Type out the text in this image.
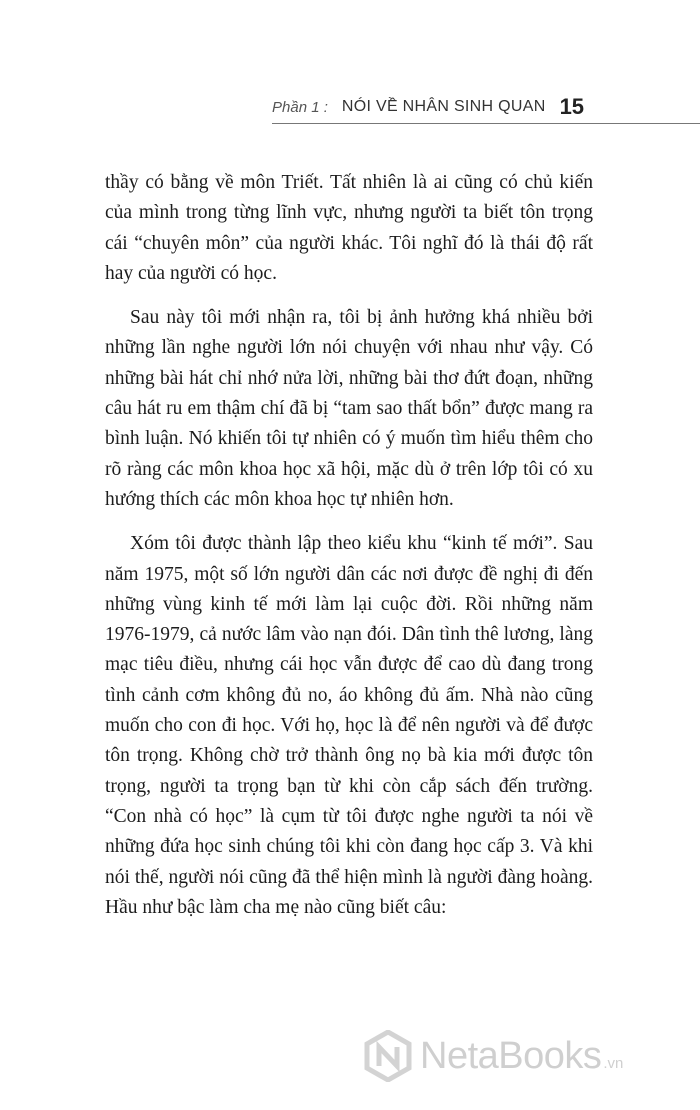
Phần 1 : NÓI VỀ NHÂN SINH QUAN 15

thầy có bằng về môn Triết. Tất nhiên là ai cũng có chủ kiến của mình trong từng lĩnh vực, nhưng người ta biết tôn trọng cái “chuyên môn” của người khác. Tôi nghĩ đó là thái độ rất hay của người có học.

Sau này tôi mới nhận ra, tôi bị ảnh hưởng khá nhiều bởi những lần nghe người lớn nói chuyện với nhau như vậy. Có những bài hát chỉ nhớ nửa lời, những bài thơ đứt đoạn, những câu hát ru em thậm chí đã bị “tam sao thất bổn” được mang ra bình luận. Nó khiến tôi tự nhiên có ý muốn tìm hiểu thêm cho rõ ràng các môn khoa học xã hội, mặc dù ở trên lớp tôi có xu hướng thích các môn khoa học tự nhiên hơn.

Xóm tôi được thành lập theo kiểu khu “kinh tế mới”. Sau năm 1975, một số lớn người dân các nơi được đề nghị đi đến những vùng kinh tế mới làm lại cuộc đời. Rồi những năm 1976-1979, cả nước lâm vào nạn đói. Dân tình thê lương, làng mạc tiêu điều, nhưng cái học vẫn được để cao dù đang trong tình cảnh cơm không đủ no, áo không đủ ấm. Nhà nào cũng muốn cho con đi học. Với họ, học là để nên người và để được tôn trọng. Không chờ trở thành ông nọ bà kia mới được tôn trọng, người ta trọng bạn từ khi còn cắp sách đến trường. “Con nhà có học” là cụm từ tôi được nghe người ta nói về những đứa học sinh chúng tôi khi còn đang học cấp 3. Và khi nói thế, người nói cũng đã thể hiện mình là người đàng hoàng. Hầu như bậc làm cha mẹ nào cũng biết câu:

NetaBooks .vn
